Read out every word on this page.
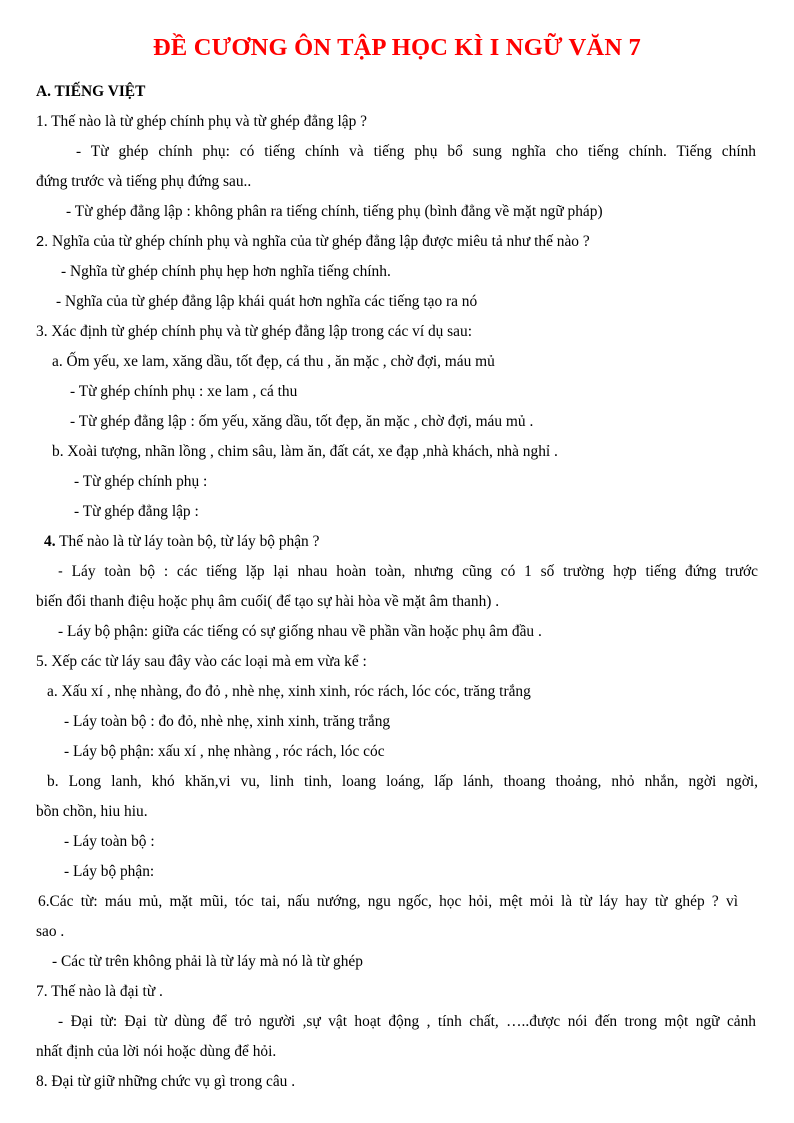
ĐỀ CƯƠNG ÔN TẬP HỌC KÌ I NGỮ VĂN 7
A. TIẾNG VIỆT
1. Thế nào là từ ghép chính phụ và từ ghép đẳng lập ?
- Từ ghép chính phụ: có tiếng chính và tiếng phụ bổ sung nghĩa cho tiếng chính. Tiếng chính
đứng trước và tiếng phụ đứng sau..
- Từ ghép đẳng lập : không phân ra tiếng chính, tiếng phụ (bình đẳng về mặt ngữ pháp)
2. Nghĩa của từ ghép chính phụ và nghĩa của từ ghép đẳng lập được miêu tả như thế nào ?
- Nghĩa từ ghép chính phụ hẹp hơn nghĩa tiếng chính.
- Nghĩa của từ ghép đẳng lập khái quát hơn nghĩa các tiếng tạo ra nó
3. Xác định từ ghép chính phụ và từ ghép đẳng lập trong các ví dụ sau:
a. Ốm yếu, xe lam, xăng dầu, tốt đẹp, cá thu , ăn mặc , chờ đợi, máu mủ
- Từ ghép chính phụ : xe lam , cá thu
- Từ ghép đẳng lập : ốm yếu, xăng dầu, tốt đẹp, ăn mặc , chờ đợi, máu mủ .
b. Xoài tượng, nhãn lồng , chim sâu, làm ăn, đất cát, xe đạp ,nhà khách, nhà nghỉ .
- Từ ghép chính phụ :
- Từ ghép đẳng lập :
4. Thế nào là từ láy toàn bộ, từ láy bộ phận ?
- Láy toàn bộ : các tiếng lặp lại nhau hoàn toàn, nhưng cũng có 1 số trường hợp tiếng đứng trước
biến đổi thanh điệu hoặc phụ âm cuối( để tạo sự hài hòa về mặt âm thanh) .
- Láy bộ phận: giữa các tiếng có sự giống nhau về phần vần hoặc phụ âm đầu .
5. Xếp các từ láy sau đây vào các loại mà em vừa kể :
a. Xấu xí , nhẹ nhàng, đo đỏ , nhè nhẹ, xinh xinh, róc rách, lóc cóc, trăng trắng
- Láy toàn bộ : đo đỏ, nhè nhẹ, xinh xinh, trăng trắng
- Láy bộ phận: xấu xí , nhẹ nhàng , róc rách, lóc cóc
b. Long lanh, khó khăn,vi vu, linh tinh, loang loáng, lấp lánh, thoang thoảng, nhỏ nhắn, ngời ngời,
bồn chồn, hiu hiu.
- Láy toàn bộ :
- Láy bộ phận:
6.Các từ: máu mủ, mặt mũi, tóc tai, nấu nướng, ngu ngốc, học hỏi, mệt mỏi là từ láy hay từ ghép ? vì
sao .
- Các từ trên không phải là từ láy mà nó là từ ghép
7. Thế nào là đại từ .
- Đại từ: Đại từ dùng để trỏ người ,sự vật hoạt động , tính chất, …..được nói đến trong một ngữ cảnh
nhất định của lời nói hoặc dùng để hỏi.
8. Đại từ giữ những chức vụ gì trong câu .
